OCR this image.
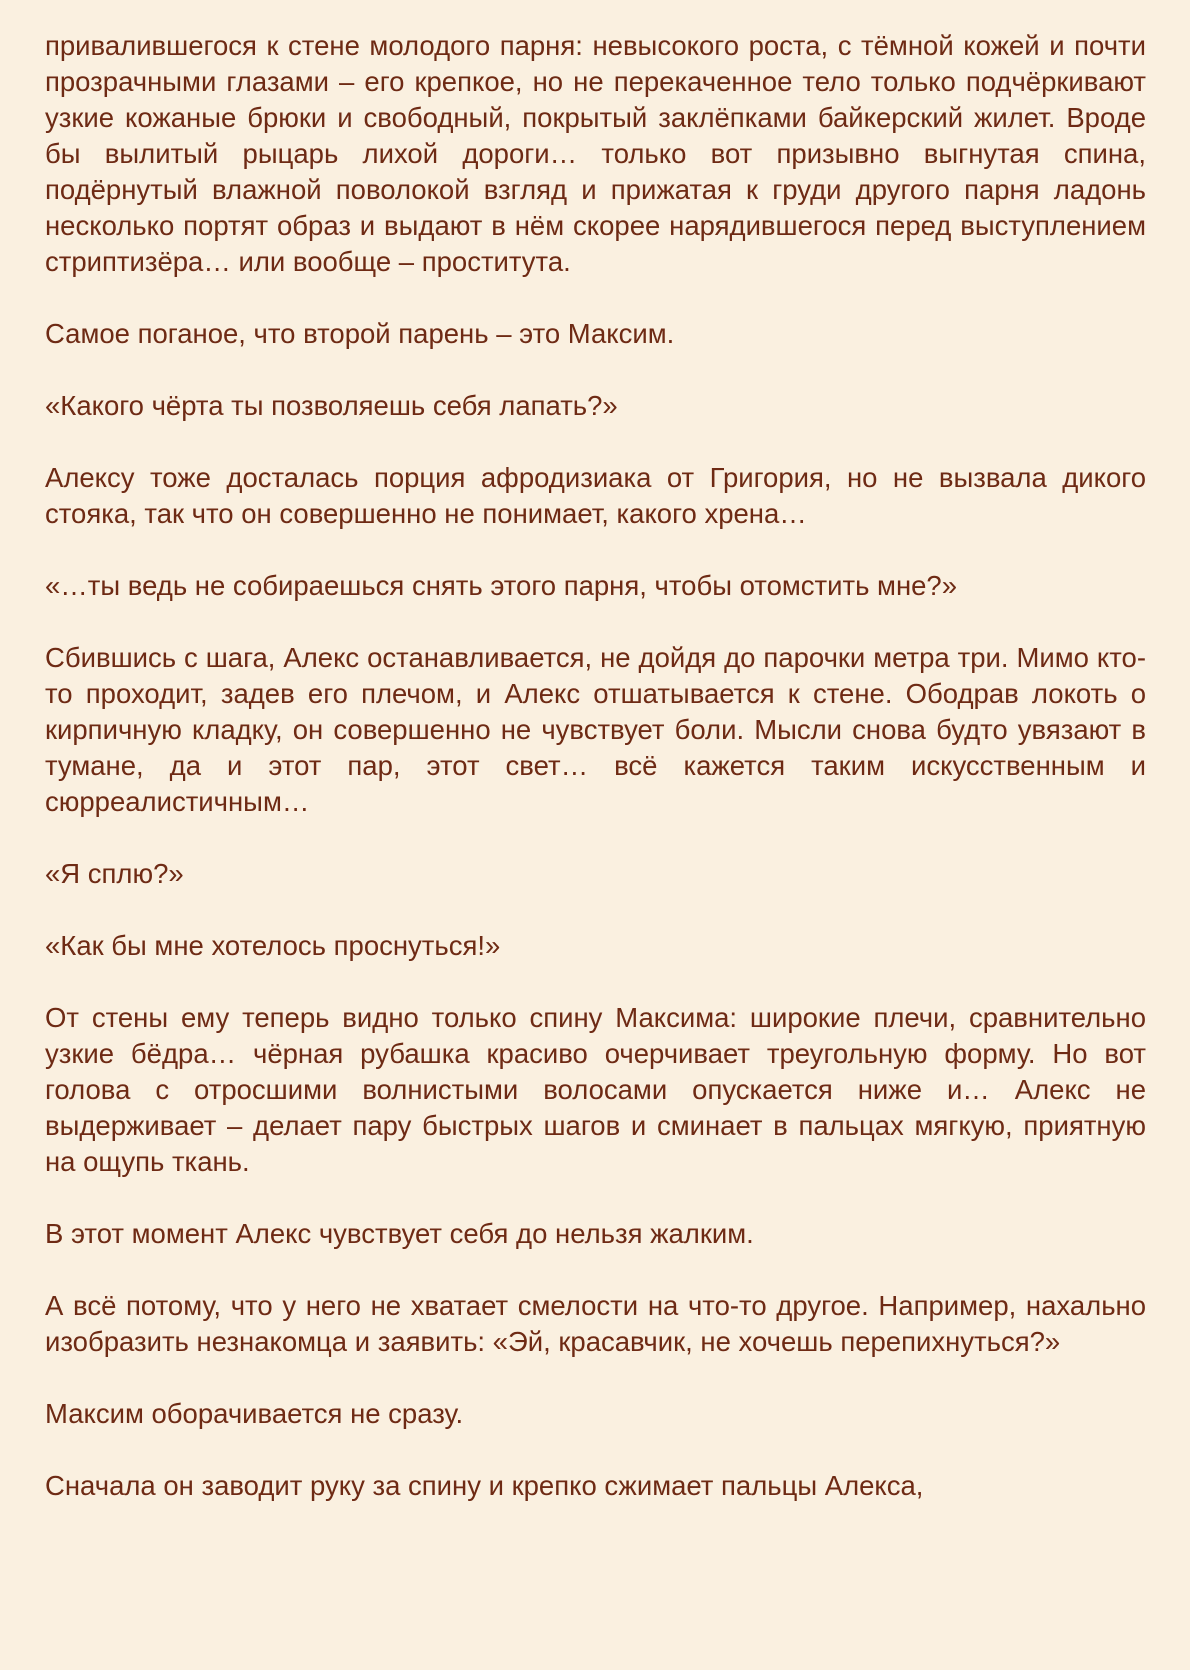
привалившегося к стене молодого парня: невысокого роста, с тёмной кожей и почти прозрачными глазами – его крепкое, но не перекаченное тело только подчёркивают узкие кожаные брюки и свободный, покрытый заклёпками байкерский жилет. Вроде бы вылитый рыцарь лихой дороги… только вот призывно выгнутая спина, подёрнутый влажной поволокой взгляд и прижатая к груди другого парня ладонь несколько портят образ и выдают в нём скорее нарядившегося перед выступлением стриптизёра… или вообще – проститута.

Самое поганое, что второй парень – это Максим.

«Какого чёрта ты позволяешь себя лапать?»

Алексу тоже досталась порция афродизиака от Григория, но не вызвала дикого стояка, так что он совершенно не понимает, какого хрена…

«…ты ведь не собираешься снять этого парня, чтобы отомстить мне?»

Сбившись с шага, Алекс останавливается, не дойдя до парочки метра три. Мимо кто-то проходит, задев его плечом, и Алекс отшатывается к стене. Ободрав локоть о кирпичную кладку, он совершенно не чувствует боли. Мысли снова будто увязают в тумане, да и этот пар, этот свет… всё кажется таким искусственным и сюрреалистичным…

«Я сплю?»

«Как бы мне хотелось проснуться!»

От стены ему теперь видно только спину Максима: широкие плечи, сравнительно узкие бёдра… чёрная рубашка красиво очерчивает треугольную форму. Но вот голова с отросшими волнистыми волосами опускается ниже и… Алекс не выдерживает – делает пару быстрых шагов и сминает в пальцах мягкую, приятную на ощупь ткань.

В этот момент Алекс чувствует себя до нельзя жалким.

А всё потому, что у него не хватает смелости на что-то другое. Например, нахально изобразить незнакомца и заявить: «Эй, красавчик, не хочешь перепихнуться?»

Максим оборачивается не сразу.

Сначала он заводит руку за спину и крепко сжимает пальцы Алекса,
